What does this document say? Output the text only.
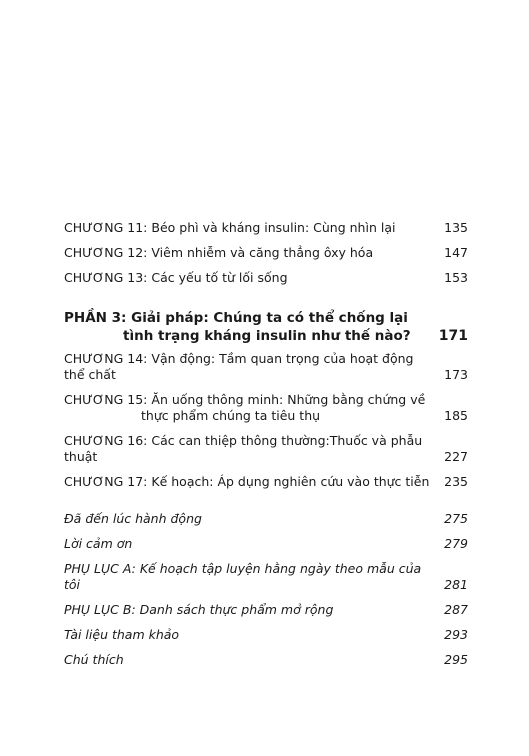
CHƯƠNG 11: Béo phì và kháng insulin: Cùng nhìn lại	135
CHƯƠNG 12: Viêm nhiễm và căng thẳng ôxy hóa	147
CHƯƠNG 13: Các yếu tố từ lối sống	153
PHẦN 3: Giải pháp: Chúng ta có thể chống lại
tình trạng kháng insulin như thế nào?	171
CHƯƠNG 14: Vận động: Tầm quan trọng của hoạt động thể chất	173
CHƯƠNG 15: Ăn uống thông minh: Những bằng chứng về
thực phẩm chúng ta tiêu thụ	185
CHƯƠNG 16: Các can thiệp thông thường:Thuốc và phẫu thuật	227
CHƯƠNG 17: Kế hoạch: Áp dụng nghiên cứu vào thực tiễn	235
Đã đến lúc hành động	275
Lời cảm ơn	279
PHỤ LỤC A: Kế hoạch tập luyện hằng ngày theo mẫu của tôi	281
PHỤ LỤC B: Danh sách thực phẩm mở rộng	287
Tài liệu tham khảo	293
Chú thích	295
